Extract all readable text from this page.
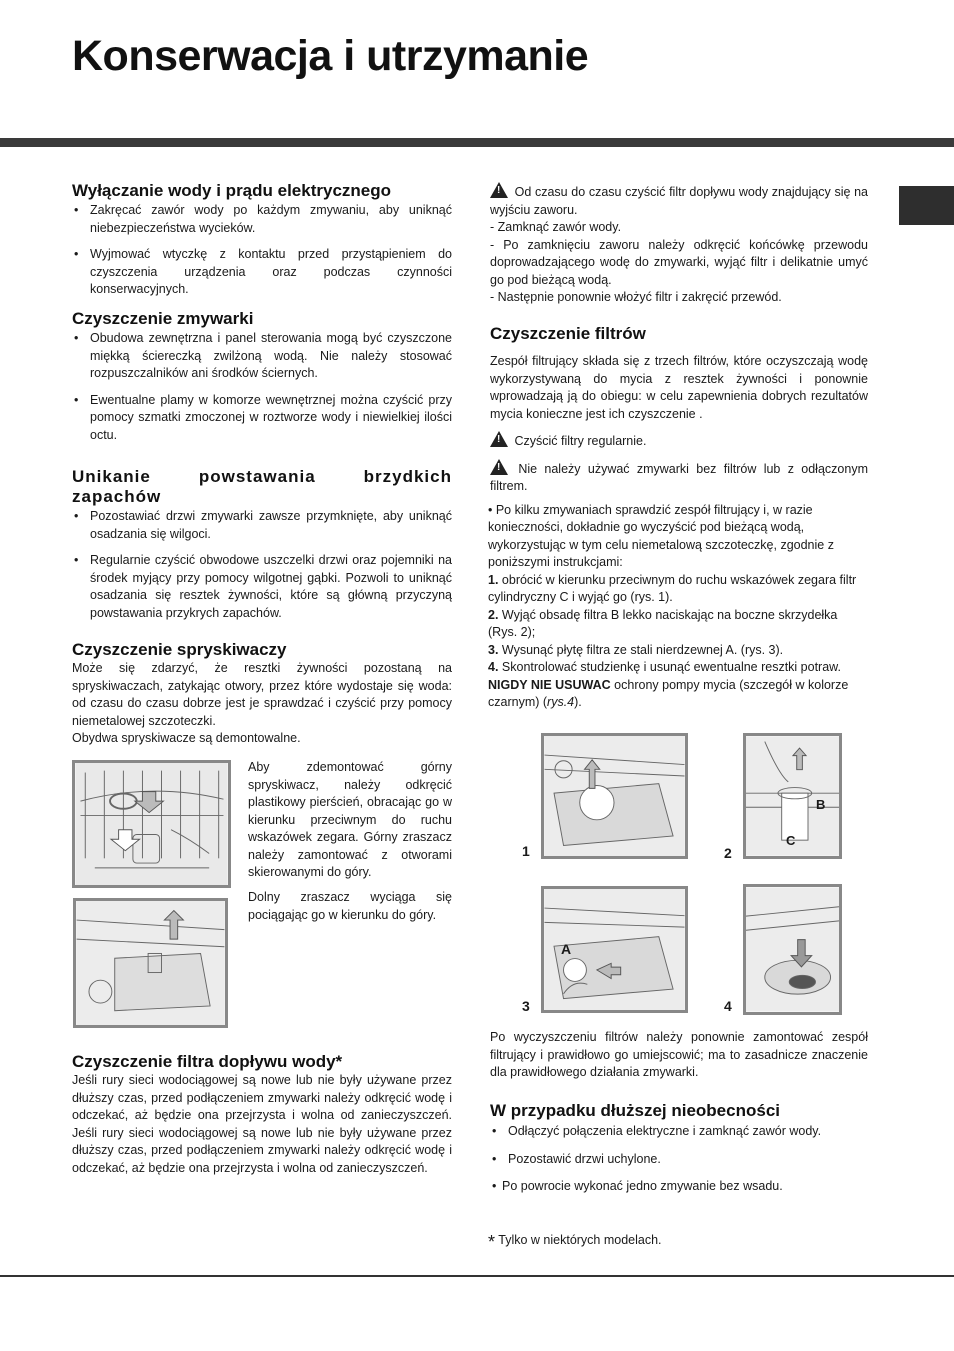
Konserwacja i utrzymanie

Wyłączanie wody i prądu elektrycznego

• Zakręcać zawór wody po każdym zmywaniu, aby uniknąć niebezpieczeństwa wycieków.
• Wyjmować wtyczkę z kontaktu przed przystąpieniem do czyszczenia urządzenia oraz podczas czynności konserwacyjnych.

Czyszczenie zmywarki

• Obudowa zewnętrzna i panel sterowania mogą być czyszczone miękką ściereczką zwilżoną wodą. Nie należy stosować rozpuszczalników ani środków ściernych.
• Ewentualne plamy w komorze wewnętrznej można czyścić przy pomocy szmatki zmoczonej w roztworze wody i niewielkiej ilości octu.

Unikanie powstawania brzydkich zapachów

• Pozostawiać drzwi zmywarki zawsze przymknięte, aby uniknąć osadzania się wilgoci.
• Regularnie czyścić obwodowe uszczelki drzwi oraz pojemniki na środek myjący przy pomocy wilgotnej gąbki. Pozwoli to uniknąć osadzania się resztek żywności, które są główną przyczyną powstawania przykrych zapachów.

Czyszczenie spryskiwaczy

Może się zdarzyć, że resztki żywności pozostaną na spryskiwaczach, zatykając otwory, przez które wydostaje się woda: od czasu do czasu dobrze jest je sprawdzać i czyścić przy pomocy niemetalowej szczoteczki.

Obydwa spryskiwacze są demontowalne.

Aby zdemontować górny spryskiwacz, należy odkręcić plastikowy pierścień, obracając go w kierunku przeciwnym do ruchu wskazówek zegara. Górny zraszacz należy zamontować z otworami skierowanymi do góry.

Dolny zraszacz wyciąga się pociągając go w kierunku do góry.

Czyszczenie filtra dopływu wody*

Jeśli rury sieci wodociągowej są nowe lub nie były używane przez dłuższy czas, przed podłączeniem zmywarki należy odkręcić wodę i odczekać, aż będzie ona przejrzysta i wolna od zanieczyszczeń. Jeśli rury sieci wodociągowej są nowe lub nie były używane przez dłuższy czas, przed podłączeniem zmywarki należy odkręcić wodę i odczekać, aż będzie ona przejrzysta i wolna od zanieczyszczeń.

! Od czasu do czasu czyścić filtr dopływu wody znajdujący się na wyjściu zaworu.

- Zamknąć zawór wody.

- Po zamknięciu zaworu należy odkręcić końcówkę przewodu doprowadzającego wodę do zmywarki, wyjąć filtr i delikatnie umyć go pod bieżącą wodą.

- Następnie ponownie włożyć filtr i zakręcić przewód.

Czyszczenie filtrów

Zespół filtrujący składa się z trzech filtrów, które oczyszczają wodę wykorzystywaną do mycia z resztek żywności i ponownie wprowadzają ją do obiegu: w celu zapewnienia dobrych rezultatów mycia konieczne jest ich czyszczenie .

! Czyścić filtry regularnie.

! Nie należy używać zmywarki bez filtrów lub z odłączonym filtrem.

• Po kilku zmywaniach sprawdzić zespół filtrujący i, w razie konieczności, dokładnie go wyczyścić pod bieżącą wodą, wykorzystując w tym celu niemetalową szczoteczkę, zgodnie z poniższymi instrukcjami:

1. obrócić w kierunku przeciwnym do ruchu wskazówek zegara filtr cylindryczny C i wyjąć go (rys. 1).

2. Wyjąć obsadę filtra B lekko naciskając na boczne skrzydełka (Rys. 2);

3. Wysunąć płytę filtra ze stali nierdzewnej A. (rys. 3).

4. Skontrolować studzienkę i usunąć ewentualne resztki potraw. NIGDY NIE USUWAC ochrony pompy mycia (szczegół w kolorze czarnym) (rys.4).

1
B
C
2
A
3	4

Po wyczyszczeniu filtrów należy ponownie zamontować zespół filtrujący i prawidłowo go umiejscowić; ma to zasadnicze znaczenie dla prawidłowego działania zmywarki.

W przypadku dłuższej nieobecności

• Odłączyć połączenia elektryczne i zamknąć zawór wody.
• Pozostawić drzwi uchylone.
• Po powrocie wykonać jedno zmywanie bez wsadu.

* Tylko w niektórych modelach.
